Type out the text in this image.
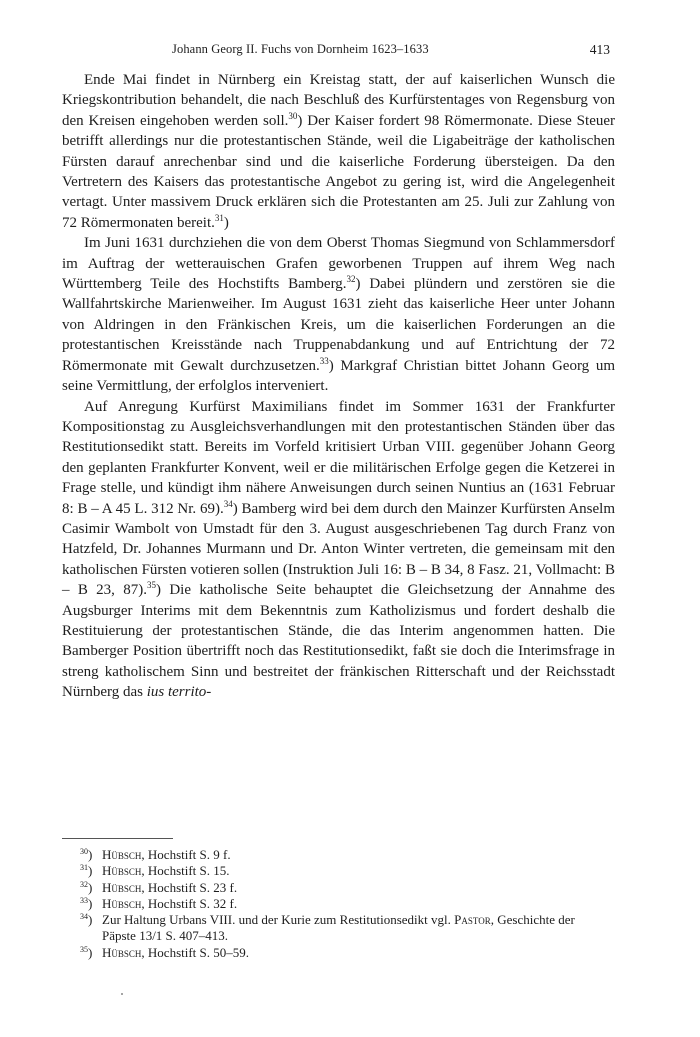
Johann Georg II. Fuchs von Dornheim 1623–1633	413

Ende Mai findet in Nürnberg ein Kreistag statt, der auf kaiserlichen Wunsch die Kriegskontribution behandelt, die nach Beschluß des Kurfürstentages von Regensburg von den Kreisen eingehoben werden soll.$^{30}$) Der Kaiser fordert 98 Römermonate. Diese Steuer betrifft allerdings nur die protestantischen Stände, weil die Ligabeiträge der katholischen Fürsten darauf anrechenbar sind und die kaiserliche Forderung übersteigen. Da den Vertretern des Kaisers das protestantische Angebot zu gering ist, wird die Angelegenheit vertagt. Unter massivem Druck erklären sich die Protestanten am 25. Juli zur Zahlung von 72 Römermonaten bereit.$^{31}$)

Im Juni 1631 durchziehen die von dem Oberst Thomas Siegmund von Schlammersdorf im Auftrag der wetterauischen Grafen geworbenen Truppen auf ihrem Weg nach Württemberg Teile des Hochstifts Bamberg.$^{32}$) Dabei plündern und zerstören sie die Wallfahrtskirche Marienweiher. Im August 1631 zieht das kaiserliche Heer unter Johann von Aldringen in den Fränkischen Kreis, um die kaiserlichen Forderungen an die protestantischen Kreisstände nach Truppenabdankung und auf Entrichtung der 72 Römermonate mit Gewalt durchzusetzen.$^{33}$) Markgraf Christian bittet Johann Georg um seine Vermittlung, der erfolglos interveniert.

Auf Anregung Kurfürst Maximilians findet im Sommer 1631 der Frankfurter Kompositionstag zu Ausgleichsverhandlungen mit den protestantischen Ständen über das Restitutionsedikt statt. Bereits im Vorfeld kritisiert Urban VIII. gegenüber Johann Georg den geplanten Frankfurter Konvent, weil er die militärischen Erfolge gegen die Ketzerei in Frage stelle, und kündigt ihm nähere Anweisungen durch seinen Nuntius an (1631 Februar 8: B – A 45 L. 312 Nr. 69).$^{34}$) Bamberg wird bei dem durch den Mainzer Kurfürsten Anselm Casimir Wambolt von Umstadt für den 3. August ausgeschriebenen Tag durch Franz von Hatzfeld, Dr. Johannes Murmann und Dr. Anton Winter vertreten, die gemeinsam mit den katholischen Fürsten votieren sollen (Instruktion Juli 16: B – B 34, 8 Fasz. 21, Vollmacht: B – B 23, 87).$^{35}$) Die katholische Seite behauptet die Gleichsetzung der Annahme des Augsburger Interims mit dem Bekenntnis zum Katholizismus und fordert deshalb die Restituierung der protestantischen Stände, die das Interim angenommen hatten. Die Bamberger Position übertrifft noch das Restitutionsedikt, faßt sie doch die Interimsfrage in streng katholischem Sinn und bestreitet der fränkischen Ritterschaft und der Reichsstadt Nürnberg das ius territo-

$^{30}$) Hübsch, Hochstift S. 9 f.

$^{31}$) Hübsch, Hochstift S. 15.

$^{32}$) Hübsch, Hochstift S. 23 f.

$^{33}$) Hübsch, Hochstift S. 32 f.

$^{34}$) Zur Haltung Urbans VIII. und der Kurie zum Restitutionsedikt vgl. Pastor, Geschichte der Päpste 13/1 S. 407–413.

$^{35}$) Hübsch, Hochstift S. 50–59.
